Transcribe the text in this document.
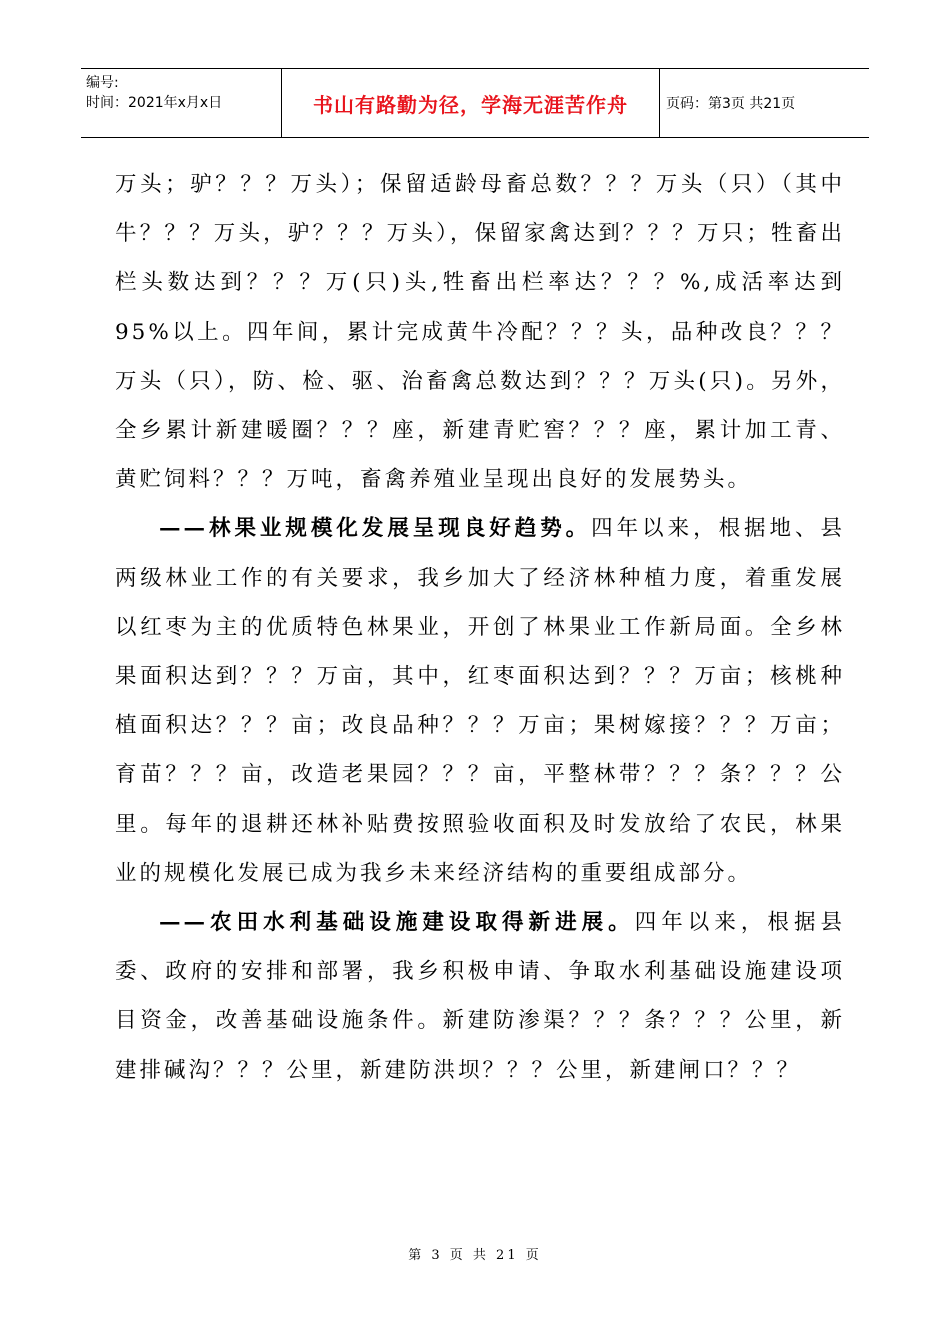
编号:
时间：2021年x月x日	书山有路勤为径，学海无涯苦作舟	页码：第3页 共21页

万头；驴？？？万头）；保留适龄母畜总数？？？万头（只）（其中牛？？？万头，驴？？？万头），保留家禽达到？？？万只；牲畜出栏头数达到？？？万(只)头,牲畜出栏率达？？？%,成活率达到95%以上。四年间，累计完成黄牛冷配？？？头，品种改良？？？万头（只），防、检、驱、治畜禽总数达到？？？万头(只)。另外，全乡累计新建暖圈？？？座，新建青贮窖？？？座，累计加工青、黄贮饲料？？？万吨，畜禽养殖业呈现出良好的发展势头。

——林果业规模化发展呈现良好趋势。四年以来，根据地、县两级林业工作的有关要求，我乡加大了经济林种植力度，着重发展以红枣为主的优质特色林果业，开创了林果业工作新局面。全乡林果面积达到？？？万亩，其中，红枣面积达到？？？万亩；核桃种植面积达？？？亩；改良品种？？？万亩；果树嫁接？？？万亩；育苗？？？亩，改造老果园？？？亩，平整林带？？？条？？？公里。每年的退耕还林补贴费按照验收面积及时发放给了农民，林果业的规模化发展已成为我乡未来经济结构的重要组成部分。

——农田水利基础设施建设取得新进展。四年以来，根据县委、政府的安排和部署，我乡积极申请、争取水利基础设施建设项目资金，改善基础设施条件。新建防渗渠？？？条？？？公里，新建排碱沟？？？公里，新建防洪坝？？？公里，新建闸口？？？

第 3 页 共 21 页
